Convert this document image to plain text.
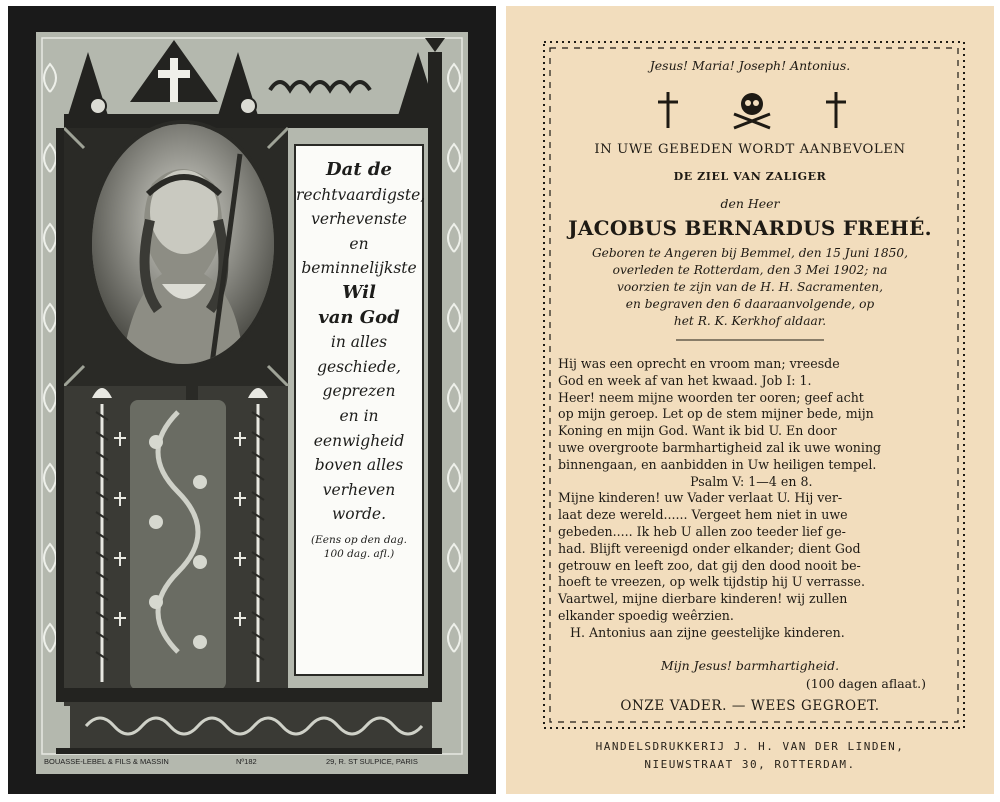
Dat de
rechtvaardigste,
verhevenste
en
beminnelijkste
Wil
van God
in alles
geschiede,
geprezen
en in
eenwigheid
boven alles
verheven
worde.
(Eens op den dag.
100 dag. afl.)
BOUASSE-LEBEL & FILS & MASSIN	Nº182	29, R. ST SULPICE, PARIS
Jesus! Maria! Joseph! Antonius.
IN UWE GEBEDEN WORDT AANBEVOLEN
DE ZIEL VAN ZALIGER
den Heer
JACOBUS BERNARDUS FREHÉ.
Geboren te Angeren bij Bemmel, den 15 Juni 1850,
overleden te Rotterdam, den 3 Mei 1902; na
voorzien te zijn van de H. H. Sacramenten,
en begraven den 6 daaraanvolgende, op
het R. K. Kerkhof aldaar.
Hij was een oprecht en vroom man; vreesde
God en week af van het kwaad. Job I: 1.
Heer! neem mijne woorden ter ooren; geef acht
op mijn geroep. Let op de stem mijner bede, mijn
Koning en mijn God. Want ik bid U. En door
uwe overgroote barmhartigheid zal ik uwe woning
binnengaan, en aanbidden in Uw heiligen tempel.
Psalm V: 1—4 en 8.
Mijne kinderen! uw Vader verlaat U. Hij ver-
laat deze wereld...... Vergeet hem niet in uwe
gebeden..... Ik heb U allen zoo teeder lief ge-
had. Blijft vereenigd onder elkander; dient God
getrouw en leeft zoo, dat gij den dood nooit be-
hoeft te vreezen, op welk tijdstip hij U verrasse.
Vaartwel, mijne dierbare kinderen! wij zullen
elkander spoedig weêrzien.
H. Antonius aan zijne geestelijke kinderen.
Mijn Jesus! barmhartigheid.
(100 dagen aflaat.)
ONZE VADER. — WEES GEGROET.
HANDELSDRUKKERIJ J. H. VAN DER LINDEN,
NIEUWSTRAAT 30, ROTTERDAM.
